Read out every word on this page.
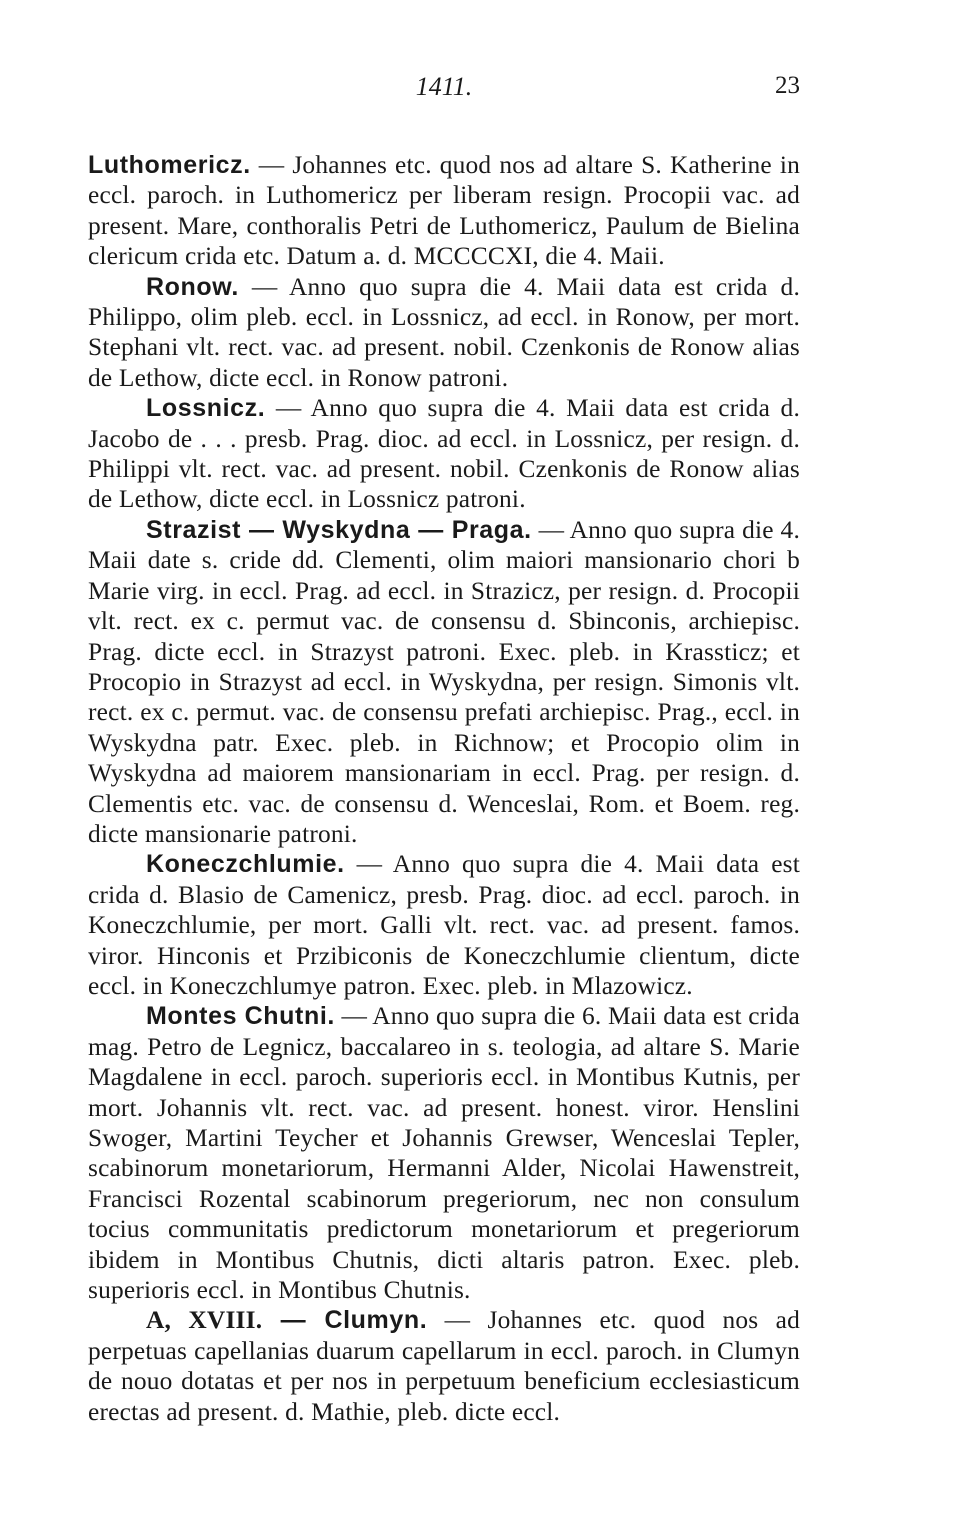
1411.	23

Luthomericz. — Johannes etc. quod nos ad altare S. Katherine in eccl. paroch. in Luthomericz per liberam resign. Procopii vac. ad present. Mare, conthoralis Petri de Luthomericz, Paulum de Bielina clericum crida etc. Datum a. d. MCCCCXI, die 4. Maii.

Ronow. — Anno quo supra die 4. Maii data est crida d. Philippo, olim pleb. eccl. in Lossnicz, ad eccl. in Ronow, per mort. Stephani vlt. rect. vac. ad present. nobil. Czenkonis de Ronow alias de Lethow, dicte eccl. in Ronow patroni.

Lossnicz. — Anno quo supra die 4. Maii data est crida d. Jacobo de . . . presb. Prag. dioc. ad eccl. in Lossnicz, per resign. d. Philippi vlt. rect. vac. ad present. nobil. Czenkonis de Ronow alias de Lethow, dicte eccl. in Lossnicz patroni.

Strazist — Wyskydna — Praga. — Anno quo supra die 4. Maii date s. cride dd. Clementi, olim maiori mansionario chori b Marie virg. in eccl. Prag. ad eccl. in Strazicz, per resign. d. Procopii vlt. rect. ex c. permut vac. de consensu d. Sbinconis, archiepisc. Prag. dicte eccl. in Strazyst patroni. Exec. pleb. in Krassticz; et Procopio in Strazyst ad eccl. in Wyskydna, per resign. Simonis vlt. rect. ex c. permut. vac. de consensu prefati archiepisc. Prag., eccl. in Wyskydna patr. Exec. pleb. in Richnow; et Procopio olim in Wyskydna ad maiorem mansionariam in eccl. Prag. per resign. d. Clementis etc. vac. de consensu d. Wenceslai, Rom. et Boem. reg. dicte mansionarie patroni.

Koneczchlumie. — Anno quo supra die 4. Maii data est crida d. Blasio de Camenicz, presb. Prag. dioc. ad eccl. paroch. in Koneczchlumie, per mort. Galli vlt. rect. vac. ad present. famos. viror. Hinconis et Przibiconis de Koneczchlumie clientum, dicte eccl. in Koneczchlumye patron. Exec. pleb. in Mlazowicz.

Montes Chutni. — Anno quo supra die 6. Maii data est crida mag. Petro de Legnicz, baccalareo in s. teologia, ad altare S. Marie Magdalene in eccl. paroch. superioris eccl. in Montibus Kutnis, per mort. Johannis vlt. rect. vac. ad present. honest. viror. Henslini Swoger, Martini Teycher et Johannis Grewser, Wenceslai Tepler, scabinorum monetariorum, Hermanni Alder, Nicolai Hawenstreit, Francisci Rozental scabinorum pregeriorum, nec non consulum tocius communitatis predictorum monetariorum et pregeriorum ibidem in Montibus Chutnis, dicti altaris patron. Exec. pleb. superioris eccl. in Montibus Chutnis.

A, XVIII. — Clumyn. — Johannes etc. quod nos ad perpetuas capellanias duarum capellarum in eccl. paroch. in Clumyn de nouo dotatas et per nos in perpetuum beneficium ecclesiasticum erectas ad present. d. Mathie, pleb. dicte eccl.
